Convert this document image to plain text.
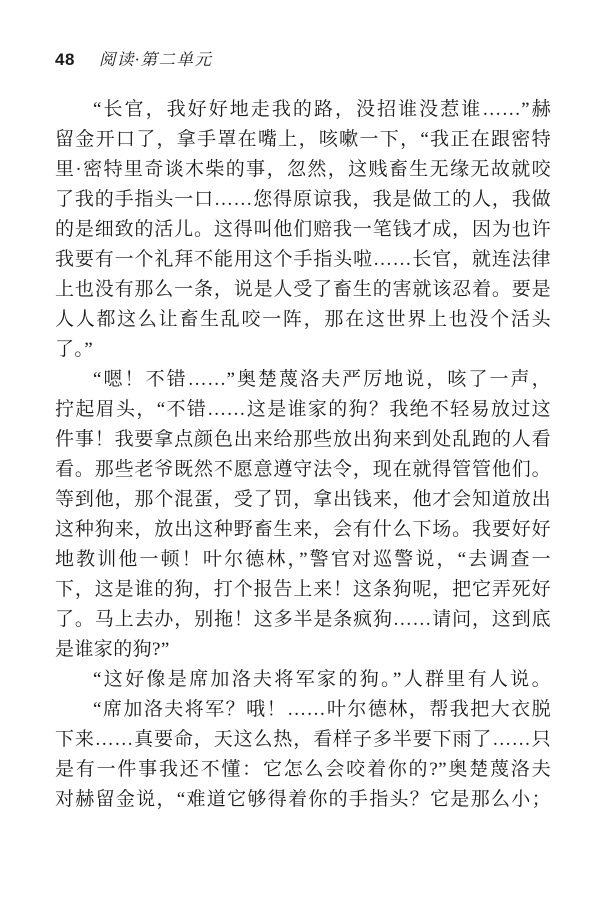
48 阅读·第二单元
“长官，我好好地走我的路，没招谁没惹谁……”赫
留金开口了，拿手罩在嘴上，咳嗽一下，“我正在跟密特
里·密特里奇谈木柴的事，忽然，这贱畜生无缘无故就咬
了我的手指头一口……您得原谅我，我是做工的人，我做
的是细致的活儿。这得叫他们赔我一笔钱才成，因为也许
我要有一个礼拜不能用这个手指头啦……长官，就连法律
上也没有那么一条，说是人受了畜生的害就该忍着。要是
人人都这么让畜生乱咬一阵，那在这世界上也没个活头
了。”
“嗯！不错……”奥楚蔑洛夫严厉地说，咳了一声，
拧起眉头，“不错……这是谁家的狗？我绝不轻易放过这
件事！我要拿点颜色出来给那些放出狗来到处乱跑的人看
看。那些老爷既然不愿意遵守法令，现在就得管管他们。
等到他，那个混蛋，受了罚，拿出钱来，他才会知道放出
这种狗来，放出这种野畜生来，会有什么下场。我要好好
地教训他一顿！叶尔德林，”警官对巡警说，“去调查一
下，这是谁的狗，打个报告上来！这条狗呢，把它弄死好
了。马上去办，别拖！这多半是条疯狗……请问，这到底
是谁家的狗?”
“这好像是席加洛夫将军家的狗。”人群里有人说。
“席加洛夫将军？哦！……叶尔德林，帮我把大衣脱
下来……真要命，天这么热，看样子多半要下雨了……只
是有一件事我还不懂：它怎么会咬着你的?”奥楚蔑洛夫
对赫留金说，“难道它够得着你的手指头？它是那么小；
